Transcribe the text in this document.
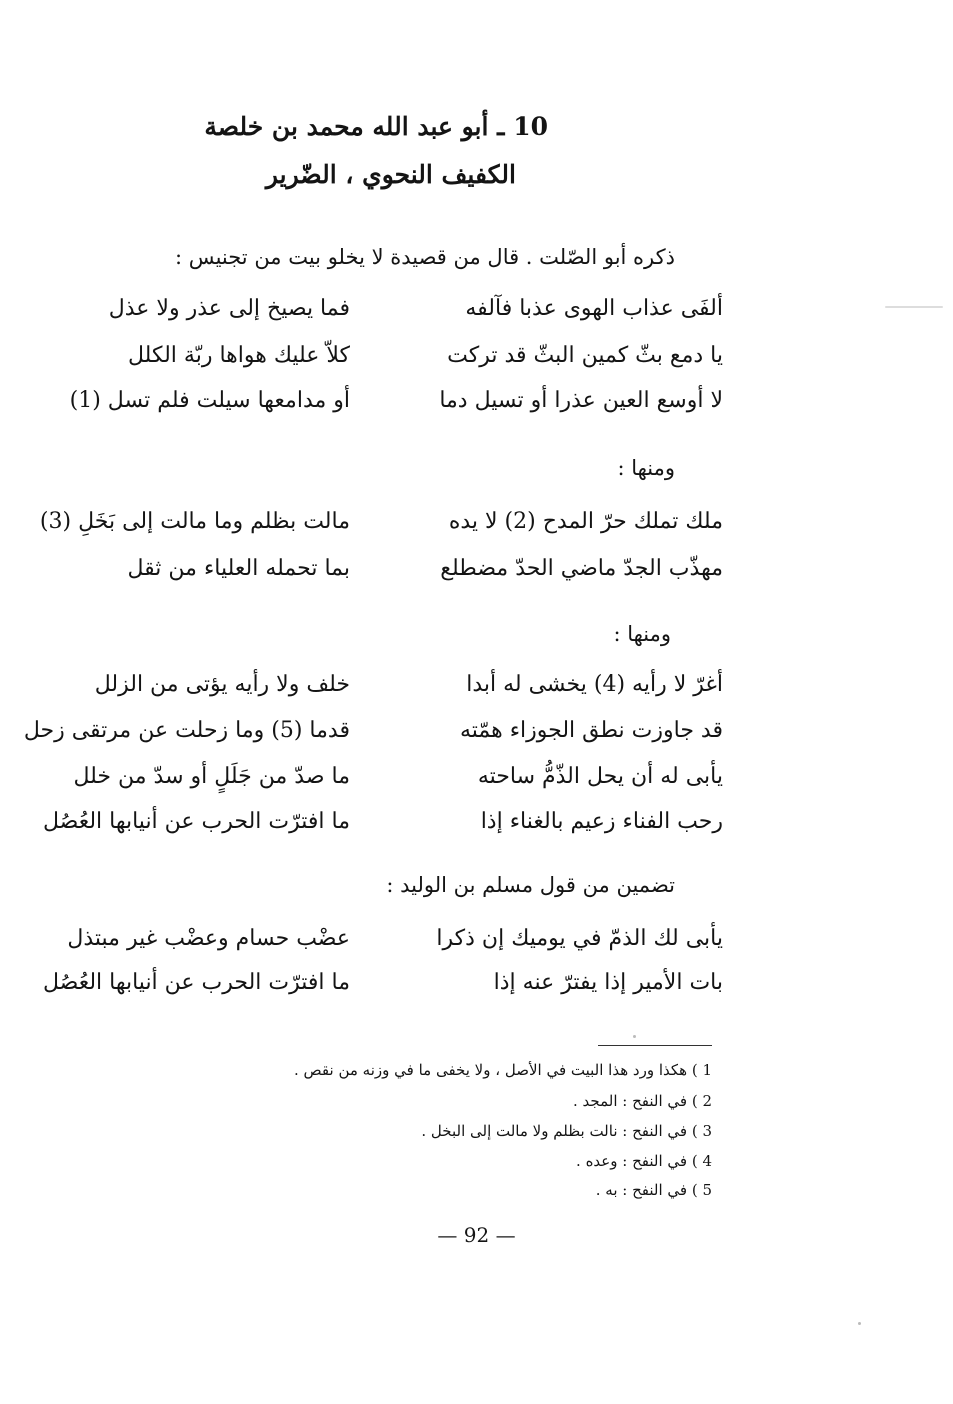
10 ـ أبو عبد الله محمد بن خلصة
الكفيف النحوي ، الضّرير
ذكره أبو الصّلت . قال من قصيدة لا يخلو بيت من تجنيس :
ألفَى عذاب الهوى عذبا فآلفه
فما يصيخ إلى عذر ولا عذل
يا دمع بثّ كمين البثّ قد تركت
كلاّ عليك هواها ربّة الكلل
لا أوسع العين عذرا أو تسيل دما
أو مدامعها سيلت فلم تسل (1)
ومنها :
ملك تملك حرّ المدح (2) لا يده
مالت بظلم وما مالت إلى بَخَلِ (3)
مهذّب الجدّ ماضي الحدّ مضطلع
بما تحمله العلياء من ثقل
ومنها :
أغرّ لا رأيه (4) يخشى له أبدا
خلف ولا رأيه يؤتى من الزلل
قد جاوزت نطق الجوزاء همّته
قدما (5) وما زحلت عن مرتقى زحل
يأبى له أن يحل الذّمُّ ساحته
ما صدّ من جَلَلٍ أو سدّ من خلل
رحب الفناء زعيم بالغناء إذا
ما افترّت الحرب عن أنيابها العُصُل
تضمين من قول مسلم بن الوليد :
يأبى لك الذمّ في يوميك إن ذكرا
عضْب حسام وعضْب غير مبتذل
بات الأمير إذا يفترّ عنه إذا
ما افترّت الحرب عن أنيابها العُصُل
1 ) هكذا ورد هذا البيت في الأصل ، ولا يخفى ما في وزنه من نقص .
2 ) في النفح : المجد .
3 ) في النفح : نالت بظلم ولا مالت إلى البخل .
4 ) في النفح : وعده .
5 ) في النفح : به .
— 92 —
